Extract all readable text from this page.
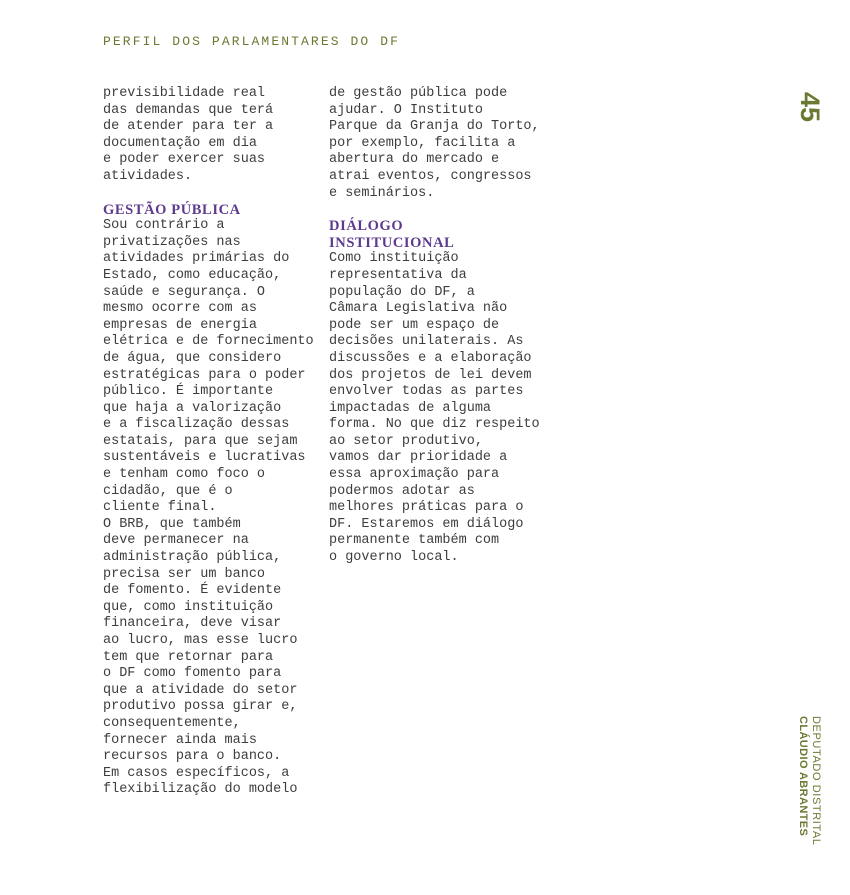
PERFIL DOS PARLAMENTARES DO DF
45
previsibilidade real
das demandas que terá
de atender para ter a
documentação em dia
e poder exercer suas
atividades.
GESTÃO PÚBLICA
Sou contrário a
privatizações nas
atividades primárias do
Estado, como educação,
saúde e segurança. O
mesmo ocorre com as
empresas de energia
elétrica e de fornecimento
de água, que considero
estratégicas para o poder
público. É importante
que haja a valorização
e a fiscalização dessas
estatais, para que sejam
sustentáveis e lucrativas
e tenham como foco o
cidadão, que é o
cliente final.
O BRB, que também
deve permanecer na
administração pública,
precisa ser um banco
de fomento. É evidente
que, como instituição
financeira, deve visar
ao lucro, mas esse lucro
tem que retornar para
o DF como fomento para
que a atividade do setor
produtivo possa girar e,
consequentemente,
fornecer ainda mais
recursos para o banco.
Em casos específicos, a
flexibilização do modelo
de gestão pública pode
ajudar. O Instituto
Parque da Granja do Torto,
por exemplo, facilita a
abertura do mercado e
atrai eventos, congressos
e seminários.
DIÁLOGO
INSTITUCIONAL
Como instituição
representativa da
população do DF, a
Câmara Legislativa não
pode ser um espaço de
decisões unilaterais. As
discussões e a elaboração
dos projetos de lei devem
envolver todas as partes
impactadas de alguma
forma. No que diz respeito
ao setor produtivo,
vamos dar prioridade a
essa aproximação para
podermos adotar as
melhores práticas para o
DF. Estaremos em diálogo
permanente também com
o governo local.
DEPUTADO DISTRITAL
CLÁUDIO ABRANTES
